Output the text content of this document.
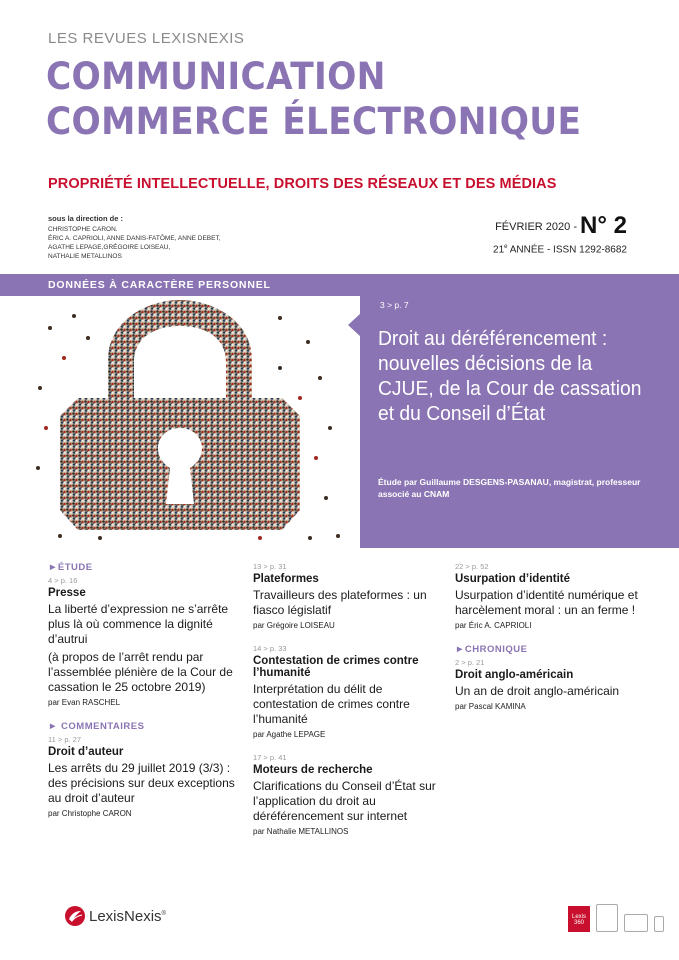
LES REVUES LEXISNEXIS
COMMUNICATION
COMMERCE ÉLECTRONIQUE
PROPRIÉTÉ INTELLECTUELLE, DROITS DES RÉSEAUX ET DES MÉDIAS
sous la direction de :
CHRISTOPHE CARON.
ÉRIC A. CAPRIOLI, ANNE DANIS-FATÔME, ANNE DEBET,
AGATHE LEPAGE,GRÉGOIRE LOISEAU,
NATHALIE METALLINOS
FÉVRIER 2020 - N° 2
21e ANNÉE - ISSN 1292-8682
DONNÉES À CARACTÈRE PERSONNEL
3 > p. 7
Droit au déréférencement : nouvelles décisions de la CJUE, de la Cour de cassation et du Conseil d’État
Étude par Guillaume DESGENS-PASANAU, magistrat, professeur associé au CNAM
►ÉTUDE
4 > p. 16
Presse
La liberté d’expression ne s’arrête plus là où commence la dignité d’autrui
(à propos de l’arrêt rendu par l’assemblée plénière de la Cour de cassation le 25 octobre 2019)
par Evan RASCHEL
► COMMENTAIRES
11 > p. 27
Droit d’auteur
Les arrêts du 29 juillet 2019 (3/3) : des précisions sur deux exceptions au droit d’auteur
par Christophe CARON
13 > p. 31
Plateformes
Travailleurs des plateformes : un fiasco législatif
par Grégoire LOISEAU
14 > p. 33
Contestation de crimes contre l’humanité
Interprétation du délit de contestation de crimes contre l’humanité
par Agathe LEPAGE
17 > p. 41
Moteurs de recherche
Clarifications du Conseil d’État sur l’application du droit au déréférencement sur internet
par Nathalie METALLINOS
22 > p. 52
Usurpation d’identité
Usurpation d’identité numérique et harcèlement moral : un an ferme !
par Éric A. CAPRIOLI
►CHRONIQUE
2 > p. 21
Droit anglo-américain
Un an de droit anglo-américain
par Pascal KAMINA
LexisNexis®
Lexis
360
